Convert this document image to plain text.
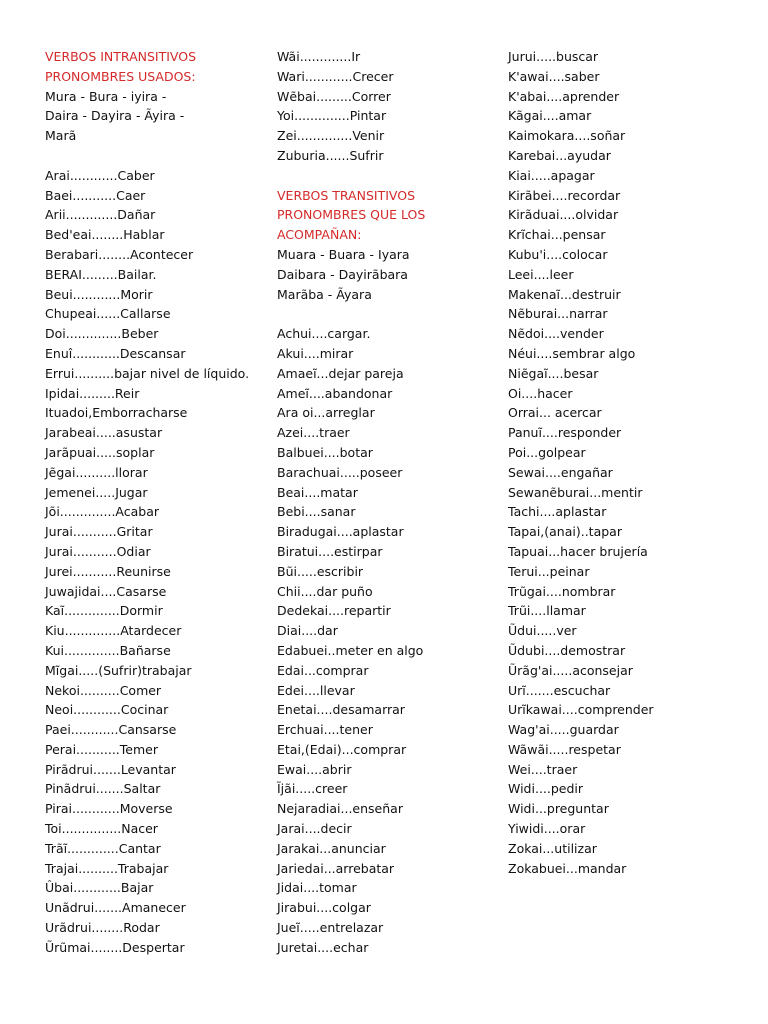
VERBOS INTRANSITIVOS
PRONOMBRES USADOS:
Mura - Bura - iyira -
Daira - Dayira - Ãyira -
Marã
Arai............Caber
Baei...........Caer
Arii.............Dañar
Bed'eai........Hablar
Berabari........Acontecer
BERAI.........Bailar.
Beui............Morir
Chupeai......Callarse
Doi..............Beber
Enuî............Descansar
Errui..........bajar nivel de líquido.
Ipidai.........Reir
Ituadoi,Emborracharse
Jarabeai.....asustar
Jarãpuai.....soplar
Jẽgai..........llorar
Jemenei.....Jugar
Jõi..............Acabar
Jurai...........Gritar
Jurai...........Odiar
Jurei...........Reunirse
Juwajidai....Casarse
Kaĩ..............Dormir
Kiu..............Atardecer
Kui..............Bañarse
Mĩgai.....(Sufrir)trabajar
Nekoi..........Comer
Neoi............Cocinar
Paei............Cansarse
Perai...........Temer
Pirãdrui.......Levantar
Pinãdrui.......Saltar
Pirai............Moverse
Toi...............Nacer
Trãĩ.............Cantar
Trajai..........Trabajar
Ûbai............Bajar
Unãdrui.......Amanecer
Urãdrui........Rodar
Ũrũmai........Despertar
Wãi.............Ir
Wari............Crecer
Wẽbai.........Correr
Yoi..............Pintar
Zei..............Venir
Zuburia......Sufrir
VERBOS TRANSITIVOS
PRONOMBRES QUE LOS
ACOMPAÑAN:
Muara - Buara - Iyara
Daibara - Dayirãbara
Marãba - Ãyara
Achui....cargar.
Akui....mirar
Amaeĩ...dejar pareja
Ameĩ....abandonar
Ara oi...arreglar
Azei....traer
Balbuei....botar
Barachuai.....poseer
Beai....matar
Bebi....sanar
Biradugai....aplastar
Biratui....estirpar
Bũi.....escribir
Chii....dar puño
Dedekai....repartir
Diai....dar
Edabuei..meter en algo
Edai...comprar
Edei....llevar
Enetai....desamarrar
Erchuai....tener
Etai,(Edai)...comprar
Ewai....abrir
Ĩjãi.....creer
Nejaradiai...enseñar
Jarai....decir
Jarakai...anunciar
Jariedai...arrebatar
Jidai....tomar
Jirabui....colgar
Jueĩ.....entrelazar
Juretai....echar
Jurui.....buscar
K'awai....saber
K'abai....aprender
Kãgai....amar
Kaimokara....soñar
Karebai...ayudar
Kiai.....apagar
Kirãbei....recordar
Kirãduai....olvidar
Krĩchai...pensar
Kubu'i....colocar
Leei....leer
Makenaĩ...destruir
Nẽburai...narrar
Nẽdoi....vender
Néui....sembrar algo
Niẽgaĩ....besar
Oi....hacer
Orrai... acercar
Panuĩ....responder
Poi...golpear
Sewai....engañar
Sewanẽburai...mentir
Tachi....aplastar
Tapai,(anai)..tapar
Tapuai...hacer brujería
Terui...peinar
Trũgai....nombrar
Trũi....llamar
Ũdui.....ver
Ũdubi....demostrar
Ũrãg'ai.....aconsejar
Urĩ.......escuchar
Urĩkawai....comprender
Wag'ai.....guardar
Wãwãi.....respetar
Wei....traer
Widi....pedir
Widi...preguntar
Yiwidi....orar
Zokai...utilizar
Zokabuei...mandar
